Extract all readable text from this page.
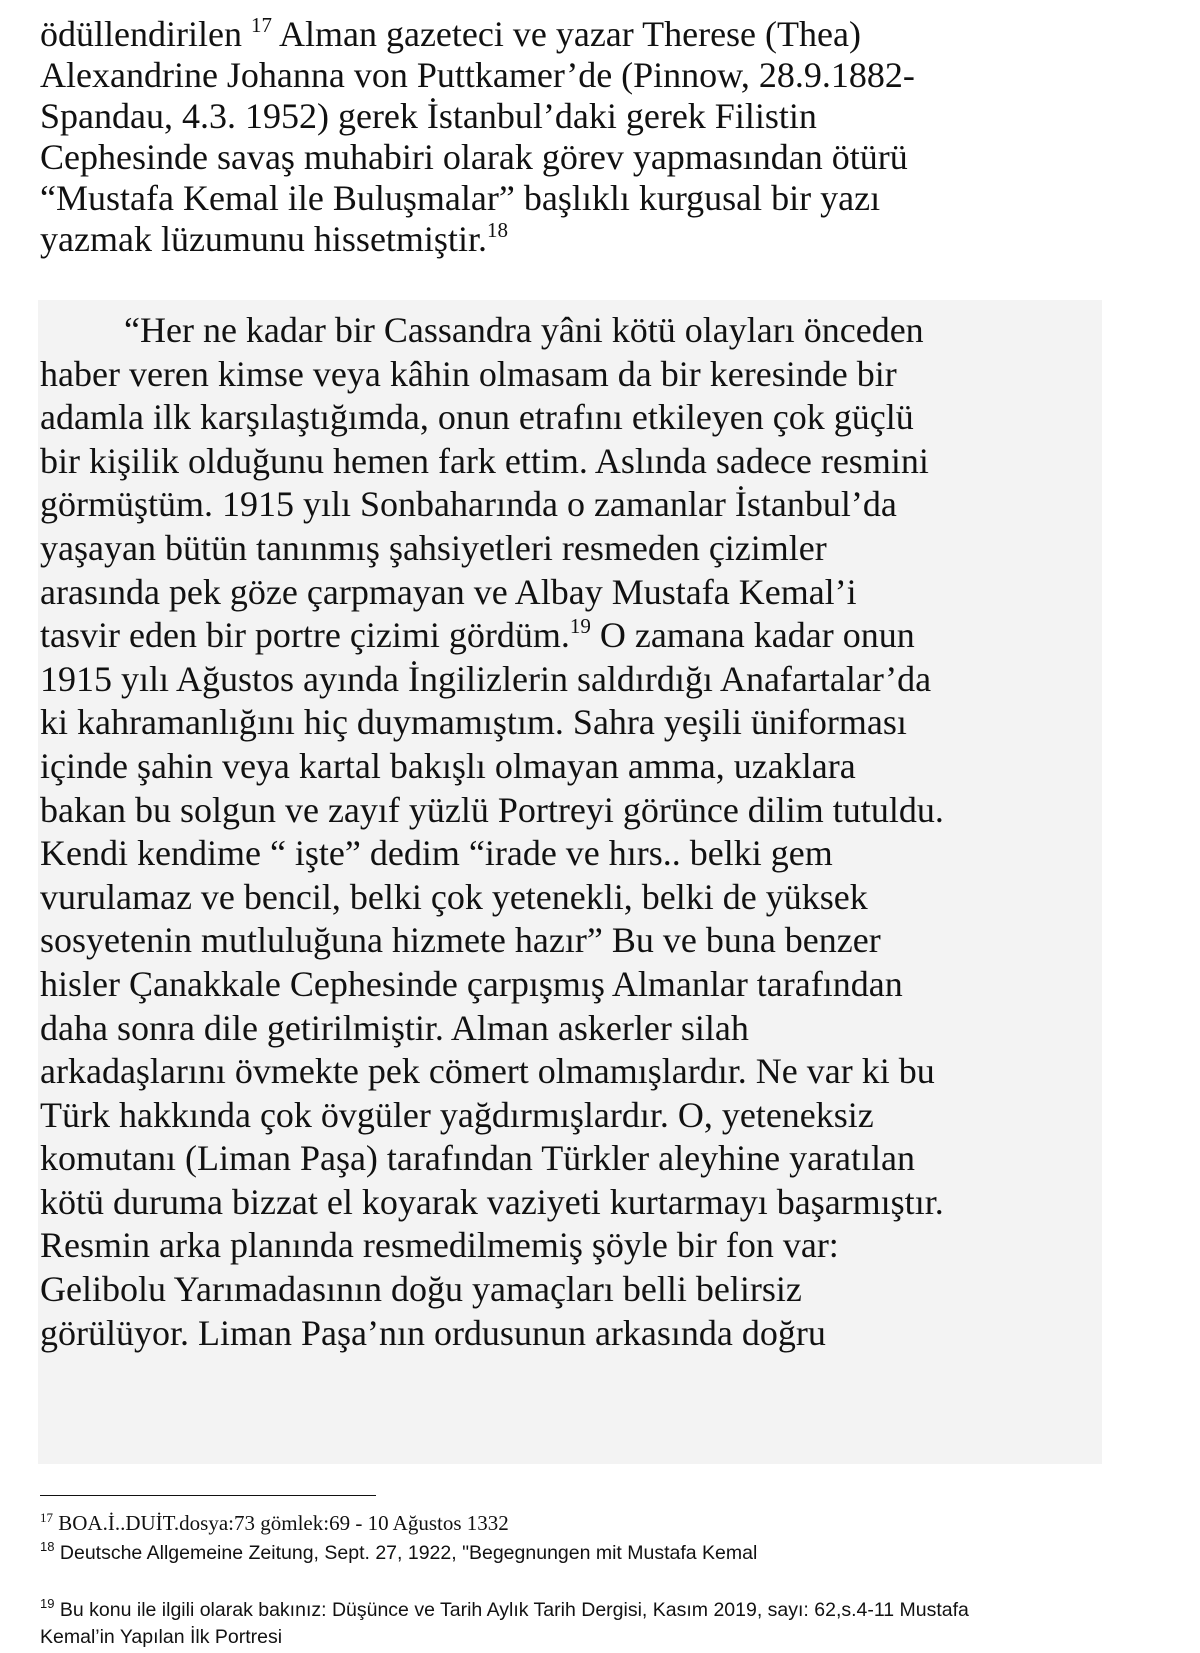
ödüllendirilen $^{17}$ Alman gazeteci ve yazar Therese (Thea)
Alexandrine Johanna von Puttkamer’de (Pinnow, 28.9.1882-
Spandau, 4.3. 1952) gerek İstanbul’daki gerek Filistin
Cephesinde savaş muhabiri olarak görev yapmasından ötürü
“Mustafa Kemal ile Buluşmalar” başlıklı kurgusal bir yazı
yazmak lüzumunu hissetmiştir.$^{18}$
“Her ne kadar bir Cassandra yâni kötü olayları önceden
haber veren kimse veya kâhin olmasam da bir keresinde bir
adamla ilk karşılaştığımda, onun etrafını etkileyen çok güçlü
bir kişilik olduğunu hemen fark ettim. Aslında sadece resmini
görmüştüm. 1915 yılı Sonbaharında o zamanlar İstanbul’da
yaşayan bütün tanınmış şahsiyetleri resmeden çizimler
arasında pek göze çarpmayan ve Albay Mustafa Kemal’i
tasvir eden bir portre çizimi gördüm.$^{19}$ O zamana kadar onun
1915 yılı Ağustos ayında İngilizlerin saldırdığı Anafartalar’da
ki kahramanlığını hiç duymamıştım. Sahra yeşili üniforması
içinde şahin veya kartal bakışlı olmayan amma, uzaklara
bakan bu solgun ve zayıf yüzlü Portreyi görünce dilim tutuldu.
Kendi kendime “ işte” dedim “irade ve hırs.. belki gem
vurulamaz ve bencil, belki çok yetenekli, belki de yüksek
sosyetenin mutluluğuna hizmete hazır” Bu ve buna benzer
hisler Çanakkale Cephesinde çarpışmış Almanlar tarafından
daha sonra dile getirilmiştir. Alman askerler silah
arkadaşlarını övmekte pek cömert olmamışlardır. Ne var ki bu
Türk hakkında çok övgüler yağdırmışlardır. O, yeteneksiz
komutanı (Liman Paşa) tarafından Türkler aleyhine yaratılan
kötü duruma bizzat el koyarak vaziyeti kurtarmayı başarmıştır.
Resmin arka planında resmedilmemiş şöyle bir fon var:
Gelibolu Yarımadasının doğu yamaçları belli belirsiz
görülüyor. Liman Paşa’nın ordusunun arkasında doğru
$^{17}$ BOA.İ..DUİT.dosya:73 gömlek:69 - 10 Ağustos 1332
$^{18}$ Deutsche Allgemeine Zeitung, Sept. 27, 1922, "Begegnungen mit Mustafa Kemal
$^{19}$ Bu konu ile ilgili olarak bakınız: Düşünce ve Tarih Aylık Tarih Dergisi, Kasım 2019, sayı: 62,s.4-11 Mustafa
Kemal’in Yapılan İlk Portresi
